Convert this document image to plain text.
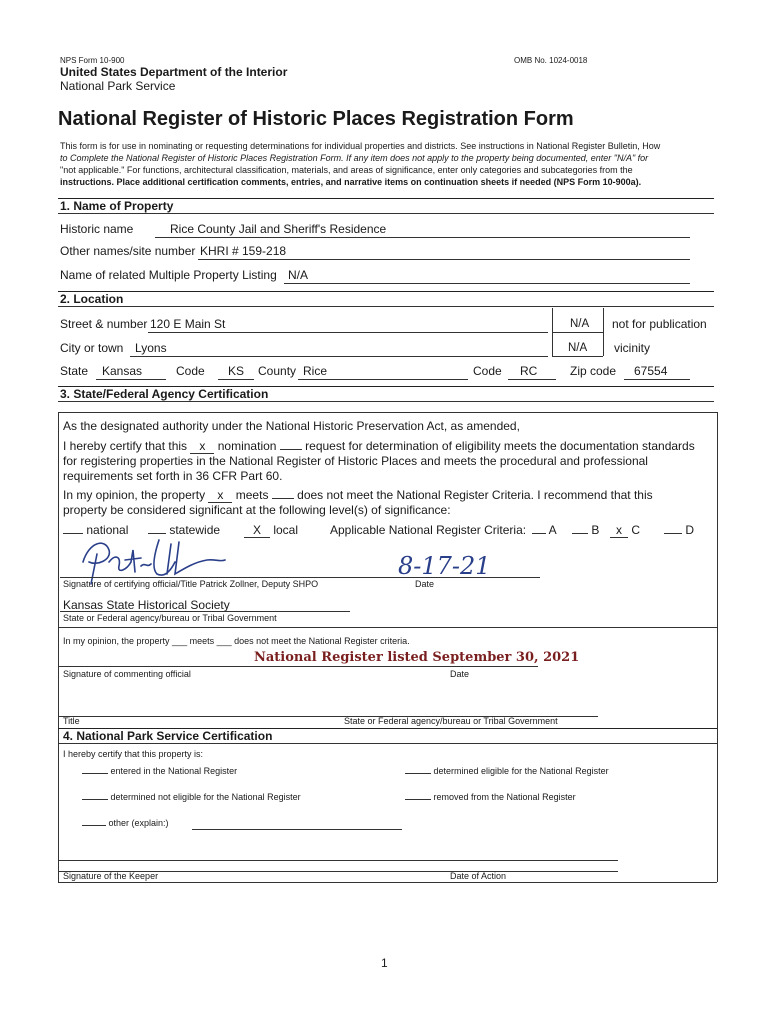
NPS Form 10-900	OMB No. 1024-0018
United States Department of the Interior
National Park Service
National Register of Historic Places Registration Form
This form is for use in nominating or requesting determinations for individual properties and districts. See instructions in National Register Bulletin, How
to Complete the National Register of Historic Places Registration Form. If any item does not apply to the property being documented, enter "N/A" for
"not applicable." For functions, architectural classification, materials, and areas of significance, enter only categories and subcategories from the
instructions. Place additional certification comments, entries, and narrative items on continuation sheets if needed (NPS Form 10-900a).
1. Name of Property
Historic name	Rice County Jail and Sheriff's Residence
Other names/site number KHRI # 159-218
Name of related Multiple Property Listing N/A
2. Location
Street & number 120 E Main St	N/A not for publication
City or town Lyons	N/A vicinity
State Kansas	Code KS County Rice	Code RC	Zip code 67554
3. State/Federal Agency Certification
As the designated authority under the National Historic Preservation Act, as amended,
I hereby certify that this x nomination request for determination of eligibility meets the documentation standards
for registering properties in the National Register of Historic Places and meets the procedural and professional
requirements set forth in 36 CFR Part 60.
In my opinion, the property x meets does not meet the National Register Criteria. I recommend that this
property be considered significant at the following level(s) of significance:
national	statewide	X local	Applicable National Register Criteria:	A	B	x C	D
8-17-21
Signature of certifying official/Title Patrick Zollner, Deputy SHPO	Date
Kansas State Historical Society
State or Federal agency/bureau or Tribal Government
In my opinion, the property ___ meets ___ does not meet the National Register criteria.
National Register listed September 30, 2021
Signature of commenting official	Date
Title	State or Federal agency/bureau or Tribal Government
4. National Park Service Certification
I hereby certify that this property is:
entered in the National Register	determined eligible for the National Register
determined not eligible for the National Register	removed from the National Register
other (explain:)
Signature of the Keeper	Date of Action
1
